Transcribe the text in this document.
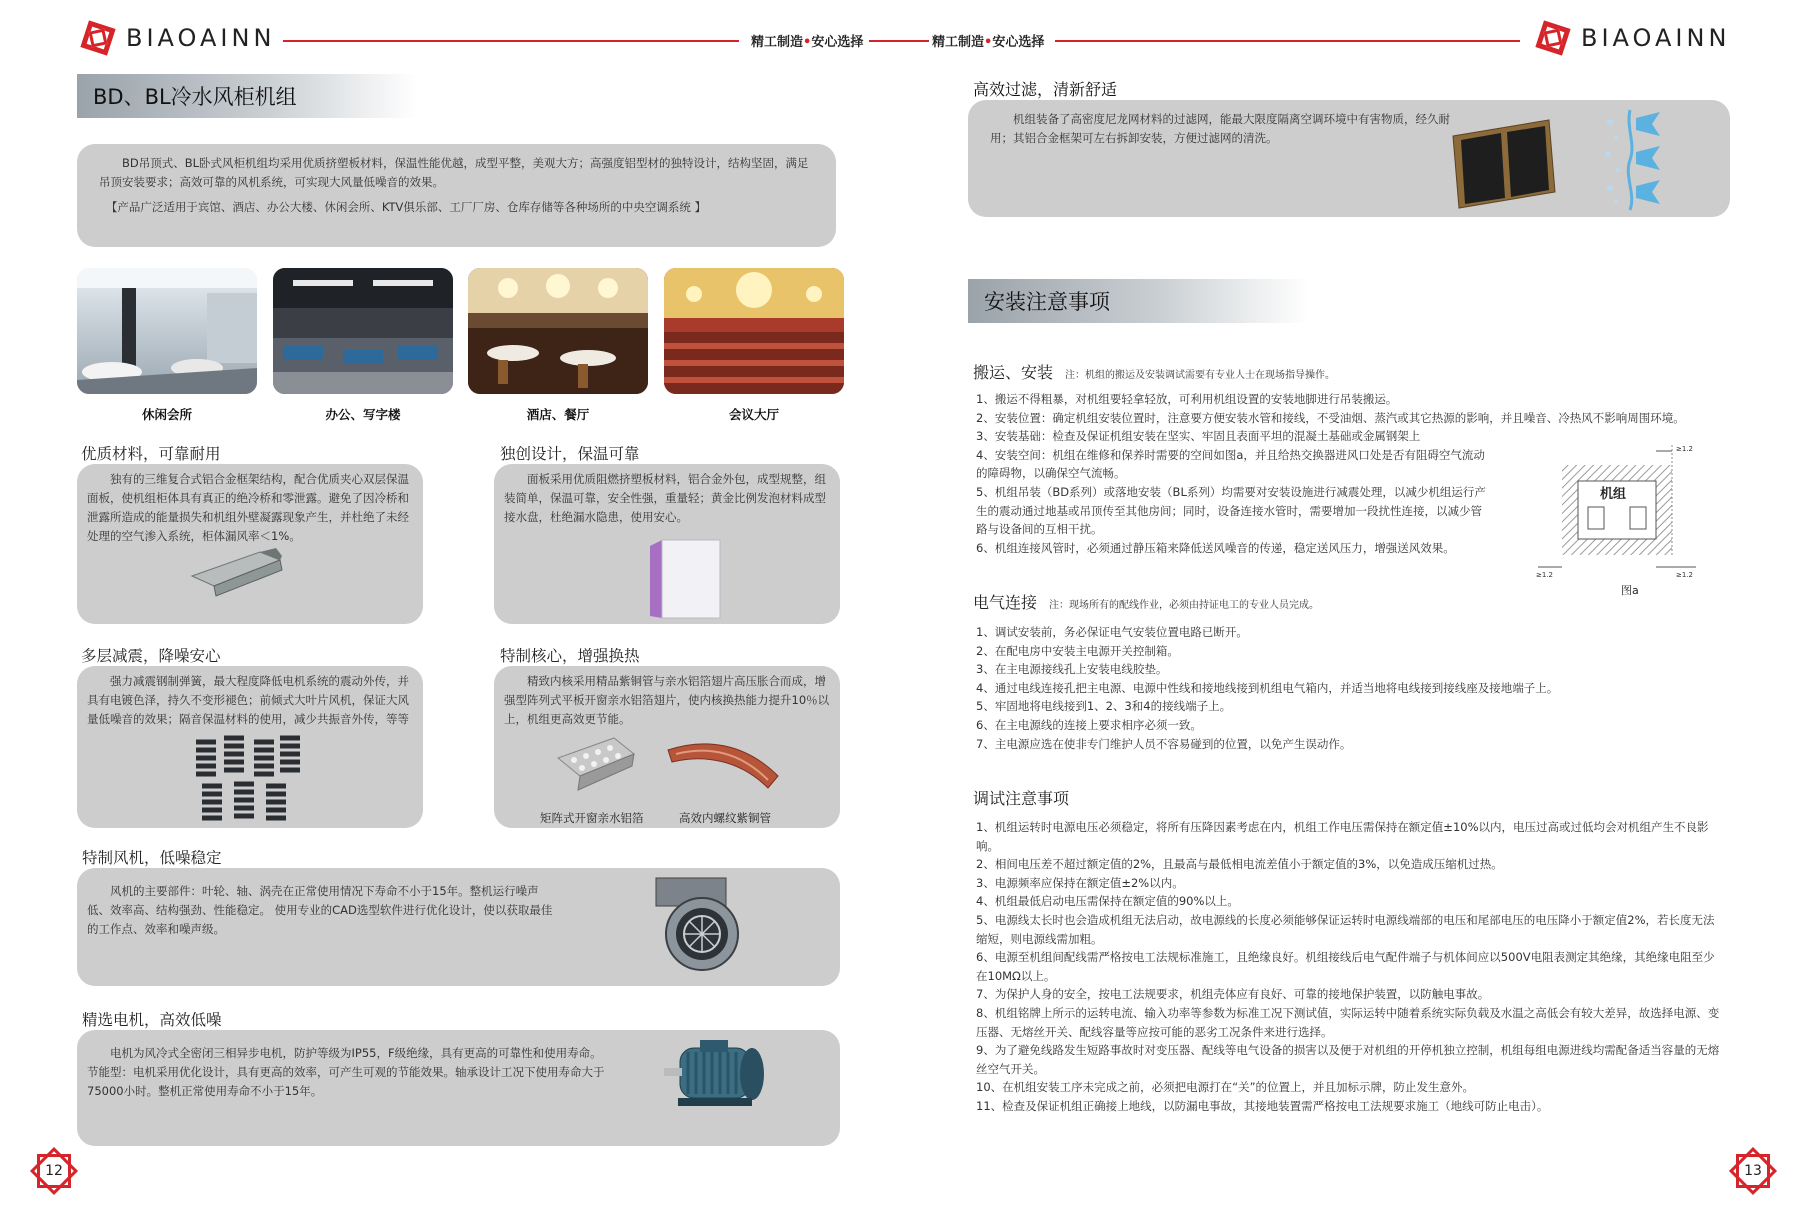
BIAOAINN	精工制造•安心选择	精工制造•安心选择	BIAOAINN
BD、BL冷水风柜机组

BD吊顶式、BL卧式风柜机组均采用优质挤塑板材料，保温性能优越，成型平整，美观大方；高强度铝型材的独特设计，结构坚固，满足吊顶安装要求；高效可靠的风机系统，可实现大风量低噪音的效果。

【产品广泛适用于宾馆、酒店、办公大楼、休闲会所、KTV俱乐部、工厂厂房、仓库存储等各种场所的中央空调系统 】

休闲会所	办公、写字楼	酒店、餐厅	会议大厅
优质材料，可靠耐用

独有的三维复合式铝合金框架结构，配合优质夹心双层保温面板，使机组柜体具有真正的绝冷桥和零泄露。避免了因冷桥和泄露所造成的能量损失和机组外壁凝露现象产生，并杜绝了未经处理的空气渗入系统，柜体漏风率＜1%。

独创设计，保温可靠

面板采用优质阻燃挤塑板材料，铝合金外包，成型规整，组装简单，保温可靠，安全性强，重量轻；黄金比例发泡材料成型接水盘，杜绝漏水隐患，使用安心。

多层减震，降噪安心

强力减震钢制弹簧，最大程度降低电机系统的震动外传，并具有电镀色泽，持久不变形褪色；前倾式大叶片风机，保证大风量低噪音的效果；隔音保温材料的使用，减少共振音外传，等等

特制核心，增强换热

精致内核采用精品紫铜管与亲水铝箔翅片高压胀合而成，增强型阵列式平板开窗亲水铝箔翅片，使内核换热能力提升10％以上，机组更高效更节能。

矩阵式开窗亲水铝箔	高效内螺纹紫铜管
特制风机，低噪稳定

风机的主要部件：叶轮、轴、涡壳在正常使用情况下寿命不小于15年。整机运行噪声低、效率高、结构强劲、性能稳定。 使用专业的CAD选型软件进行优化设计，使以获取最佳的工作点、效率和噪声级。

精选电机，高效低噪

电机为风冷式全密闭三相异步电机，防护等级为IP55，F级绝缘，具有更高的可靠性和使用寿命。节能型：电机采用优化设计，具有更高的效率，可产生可观的节能效果。轴承设计工况下使用寿命大于75000小时。整机正常使用寿命不小于15年。

12
高效过滤，清新舒适

机组装备了高密度尼龙网材料的过滤网，能最大限度隔离空调环境中有害物质，经久耐用；其铝合金框架可左右拆卸安装，方便过滤网的清洗。

安装注意事项
搬运、安装 注：机组的搬运及安装调试需要有专业人士在现场指导操作。
1、搬运不得粗暴，对机组要轻拿轻放，可利用机组设置的安装地脚进行吊装搬运。
2、安装位置：确定机组安装位置时，注意要方便安装水管和接线，不受油烟、蒸汽或其它热源的影响，并且噪音、冷热风不影响周围环境。
3、安装基础：检查及保证机组安装在坚实、牢固且表面平坦的混凝土基础或金属钢架上
4、安装空间：机组在维修和保养时需要的空间如图a，并且给热交换器进风口处是否有阻碍空气流动的障碍物，以确保空气流畅。
5、机组吊装（BD系列）或落地安装（BL系列）均需要对安装设施进行减震处理，以减少机组运行产生的震动通过地基或吊顶传至其他房间；同时，设备连接水管时，需要增加一段扰性连接，以减少管路与设备间的互相干扰。
6、机组连接风管时，必须通过静压箱来降低送风噪音的传递，稳定送风压力，增强送风效果。
机组
≥1.2
≥1.2	≥1.2
图a
电气连接 注：现场所有的配线作业，必须由持证电工的专业人员完成。
1、调试安装前，务必保证电气安装位置电路已断开。
2、在配电房中安装主电源开关控制箱。
3、在主电源接线孔上安装电线胶垫。
4、通过电线连接孔把主电源、电源中性线和接地线接到机组电气箱内，并适当地将电线接到接线座及接地端子上。
5、牢固地将电线接到1、2、3和4的接线端子上。
6、在主电源线的连接上要求相序必须一致。
7、主电源应选在使非专门维护人员不容易碰到的位置，以免产生误动作。
调试注意事项
1、机组运转时电源电压必须稳定，将所有压降因素考虑在内，机组工作电压需保持在额定值±10%以内，电压过高或过低均会对机组产生不良影响。
2、相间电压差不超过额定值的2%，且最高与最低相电流差值小于额定值的3%，以免造成压缩机过热。
3、电源频率应保持在额定值±2%以内。
4、机组最低启动电压需保持在额定值的90%以上。
5、电源线太长时也会造成机组无法启动，故电源线的长度必须能够保证运转时电源线端部的电压和尾部电压的电压降小于额定值2%，若长度无法缩短，则电源线需加粗。
6、电源至机组间配线需严格按电工法规标准施工，且绝缘良好。机组接线后电气配件端子与机体间应以500V电阻表测定其绝缘，其绝缘电阻至少在10MΩ以上。
7、为保护人身的安全，按电工法规要求，机组壳体应有良好、可靠的接地保护装置，以防触电事故。
8、机组铭牌上所示的运转电流、输入功率等参数为标准工况下测试值，实际运转中随着系统实际负载及水温之高低会有较大差异，故选择电源、变压器、无熔丝开关、配线容量等应按可能的恶劣工况条件来进行选择。
9、为了避免线路发生短路事故时对变压器、配线等电气设备的损害以及便于对机组的开停机独立控制，机组每组电源进线均需配备适当容量的无熔丝空气开关。
10、在机组安装工序未完成之前，必须把电源打在“关”的位置上，并且加标示牌，防止发生意外。
11、检查及保证机组正确接上地线，以防漏电事故，其接地装置需严格按电工法规要求施工（地线可防止电击）。
13
